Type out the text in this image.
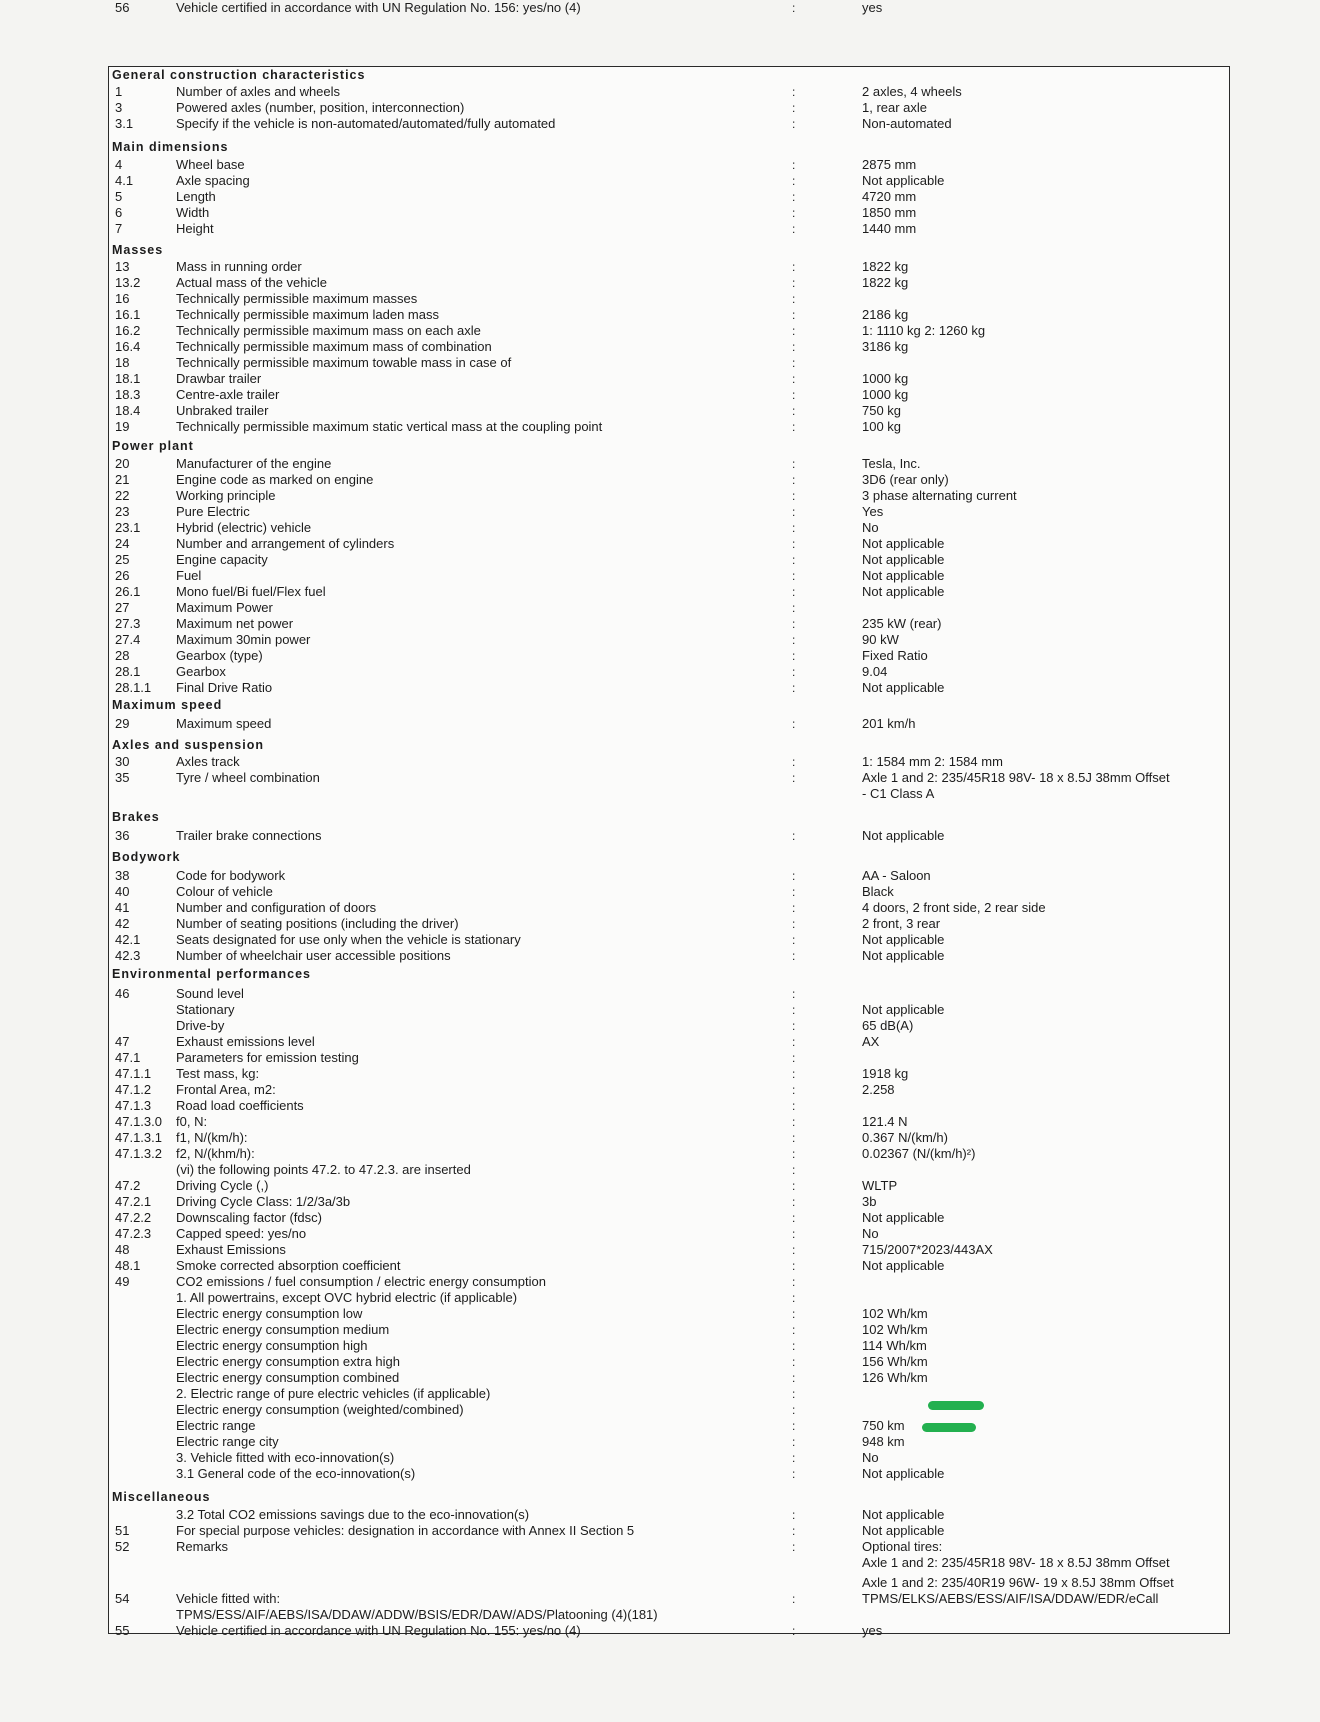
General construction characteristics
Main dimensions
Masses
Power plant
Maximum speed
Axles and suspension
Brakes
Bodywork
Environmental performances
Miscellaneous
1	Number of axles and wheels	:	2 axles, 4 wheels
3	Powered axles (number, position, interconnection)	:	1, rear axle
3.1	Specify if the vehicle is non-automated/automated/fully automated	:	Non-automated
4	Wheel base	:	2875 mm
4.1	Axle spacing	:	Not applicable
5	Length	:	4720 mm
6	Width	:	1850 mm
7	Height	:	1440 mm
13	Mass in running order	:	1822 kg
13.2	Actual mass of the vehicle	:	1822 kg
16	Technically permissible maximum masses	:
16.1	Technically permissible maximum laden mass	:	2186 kg
16.2	Technically permissible maximum mass on each axle	:	1: 1110 kg 2: 1260 kg
16.4	Technically permissible maximum mass of combination	:	3186 kg
18	Technically permissible maximum towable mass in case of	:
18.1	Drawbar trailer	:	1000 kg
18.3	Centre-axle trailer	:	1000 kg
18.4	Unbraked trailer	:	750 kg
19	Technically permissible maximum static vertical mass at the coupling point	:	100 kg
20	Manufacturer of the engine	:	Tesla, Inc.
21	Engine code as marked on engine	:	3D6 (rear only)
22	Working principle	:	3 phase alternating current
23	Pure Electric	:	Yes
23.1	Hybrid (electric) vehicle	:	No
24	Number and arrangement of cylinders	:	Not applicable
25	Engine capacity	:	Not applicable
26	Fuel	:	Not applicable
26.1	Mono fuel/Bi fuel/Flex fuel	:	Not applicable
27	Maximum Power	:
27.3	Maximum net power	:	235 kW (rear)
27.4	Maximum 30min power	:	90 kW
28	Gearbox (type)	:	Fixed Ratio
28.1	Gearbox	:	9.04
28.1.1 Final Drive Ratio	:	Not applicable
29	Maximum speed	:	201 km/h
30	Axles track	:	1: 1584 mm 2: 1584 mm
35	Tyre / wheel combination	:	Axle 1 and 2: 235/45R18 98V- 18 x 8.5J 38mm Offset
- C1 Class A
36	Trailer brake connections	:	Not applicable
38	Code for bodywork	:	AA - Saloon
40	Colour of vehicle	:	Black
41	Number and configuration of doors	:	4 doors, 2 front side, 2 rear side
42	Number of seating positions (including the driver)	:	2 front, 3 rear
42.1	Seats designated for use only when the vehicle is stationary	:	Not applicable
42.3	Number of wheelchair user accessible positions	:	Not applicable
46	Sound level	:
Stationary	:	Not applicable
Drive-by	:	65 dB(A)
47	Exhaust emissions level	:	AX
47.1	Parameters for emission testing	:
47.1.1 Test mass, kg:	:	1918 kg
47.1.2 Frontal Area, m2:	:	2.258
47.1.3 Road load coefficients	:
47.1.3.0 f0, N:	:	121.4 N
47.1.3.1 f1, N/(km/h):	:	0.367 N/(km/h)
47.1.3.2 f2, N/(khm/h):	:	0.02367 (N/(km/h)²)
(vi) the following points 47.2. to 47.2.3. are inserted	:
47.2	Driving Cycle (,)	:	WLTP
47.2.1 Driving Cycle Class: 1/2/3a/3b	:	3b
47.2.2 Downscaling factor (fdsc)	:	Not applicable
47.2.3 Capped speed: yes/no	:	No
48	Exhaust Emissions	:	715/2007*2023/443AX
48.1	Smoke corrected absorption coefficient	:	Not applicable
49	CO2 emissions / fuel consumption / electric energy consumption	:
1. All powertrains, except OVC hybrid electric (if applicable)	:
Electric energy consumption low	:	102 Wh/km
Electric energy consumption medium	:	102 Wh/km
Electric energy consumption high	:	114 Wh/km
Electric energy consumption extra high	:	156 Wh/km
Electric energy consumption combined	:	126 Wh/km
2. Electric range of pure electric vehicles (if applicable)	:
Electric energy consumption (weighted/combined)	:
Electric range	:	750 km
Electric range city	:	948 km
3. Vehicle fitted with eco-innovation(s)	:	No
3.1 General code of the eco-innovation(s)	:	Not applicable
3.2 Total CO2 emissions savings due to the eco-innovation(s)	:	Not applicable
51	For special purpose vehicles: designation in accordance with Annex II Section 5	:	Not applicable
52	Remarks	:	Optional tires:
Axle 1 and 2: 235/45R18 98V- 18 x 8.5J 38mm Offset
Axle 1 and 2: 235/40R19 96W- 19 x 8.5J 38mm Offset
54	Vehicle fitted with:	:	TPMS/ELKS/AEBS/ESS/AIF/ISA/DDAW/EDR/eCall
TPMS/ESS/AIF/AEBS/ISA/DDAW/ADDW/BSIS/EDR/DAW/ADS/Platooning (4)(181)
55	Vehicle certified in accordance with UN Regulation No. 155: yes/no (4)	:	yes
56	Vehicle certified in accordance with UN Regulation No. 156: yes/no (4)	:	yes
